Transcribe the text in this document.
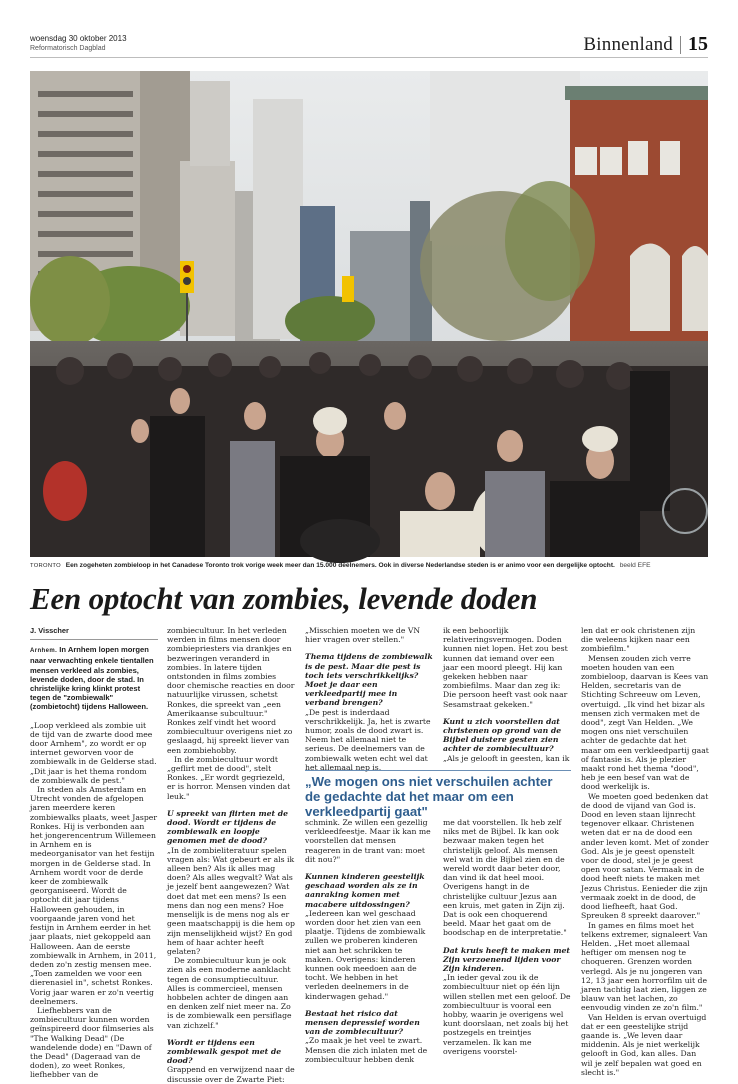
woensdag 30 oktober 2013
Reformatorisch Dagblad	Binnenland 15
TORONTO Een zogeheten zombieloop in het Canadese Toronto trok vorige week meer dan 15.000 deelnemers. Ook in diverse Nederlandse steden is er animo voor een dergelijke optocht. beeld EFE
Een optocht van zombies, levende doden
J. Visscher

Arnhem. In Arnhem lopen morgen naar verwachting enkele tientallen mensen verkleed als zombies, levende doden, door de stad. In christelijke kring klinkt protest tegen de "zombiewalk" (zombietocht) tijdens Halloween.

„Loop verkleed als zombie uit de tijd van de zwarte dood mee door Arnhem", zo wordt er op internet geworven voor de zombiewalk in de Gelderse stad. „Dit jaar is het thema rondom de zombiewalk de pest."

In steden als Amsterdam en Utrecht vonden de afgelopen jaren meerdere keren zombiewalks plaats, weet Jasper Ronkes. Hij is verbonden aan het jongerencentrum Willemeen in Arnhem en is medeorganisator van het festijn morgen in de Gelderse stad. In Arnhem wordt voor de derde keer de zombiewalk georganiseerd. Wordt de optocht dit jaar tijdens Halloween gehouden, in voorgaande jaren vond het festijn in Arnhem eerder in het jaar plaats, niet gekoppeld aan Halloween. Aan de eerste zombiewalk in Arnhem, in 2011, deden zo'n zestig mensen mee. „Toen zamelden we voor een dierenasiel in", schetst Ronkes. Vorig jaar waren er zo'n veertig deelnemers.

Liefhebbers van de zombiecultuur kunnen worden geïnspireerd door filmseries als "The Walking Dead" (De wandelende dode) en "Dawn of the Dead" (Dageraad van de doden), zo weet Ronkes, liefhebber van de

zombiecultuur. In het verleden werden in films mensen door zombiepriesters via drankjes en bezweringen veranderd in zombies. In latere tijden ontstonden in films zombies door chemische reacties en door natuurlijke virussen, schetst Ronkes, die spreekt van „een Amerikaanse subcultuur." Ronkes zelf vindt het woord zombiecultuur overigens niet zo geslaagd, hij spreekt liever van een zombiehobby.

In de zombiecultuur wordt „geflirt met de dood", stelt Ronkes. „Er wordt gegriezeld, er is horror. Mensen vinden dat leuk."

U spreekt van flirten met de dood. Wordt er tijdens de zombiewalk en loopje genomen met de dood?

„In de zombieliteratuur spelen vragen als: Wat gebeurt er als ik alleen ben? Als ik alles mag doen? Als alles wegvalt? Wat als je jezelf bent aangewezen? Wat doet dat met een mens? Is een mens dan nog een mens? Hoe menselijk is de mens nog als er geen maatschappij is die hem op zijn menselijkheid wijst? En god hem of haar achter heeft gelaten?

De zombiecultuur kun je ook zien als een moderne aanklacht tegen de consumptiecultuur. Alles is commercieel, mensen hobbelen achter de dingen aan en denken zelf niet meer na. Zo is de zombiewalk een persiflage van zichzelf."

Wordt er tijdens een zombiewalk gespot met de dood?

Grappend en verwijzend naar de discussie over de Zwarte Piet:

„Misschien moeten we de VN hier vragen over stellen."

Thema tijdens de zombiewalk is de pest. Maar die pest is toch iets verschrikkelijks? Moet je daar een verkleedpartij mee in verband brengen?

„De pest is inderdaad verschrikkelijk. Ja, het is zwarte humor, zoals de dood zwart is. Neem het allemaal niet te serieus. De deelnemers van de zombiewalk weten echt wel dat het allemaal nep is,

ik een behoorlijk relativeringsvermogen. Doden kunnen niet lopen. Het zou best kunnen dat iemand over een jaar een moord pleegt. Hij kan gekeken hebben naar zombiefilms. Maar dan zeg ik: Die persoon heeft vast ook naar Sesamstraat gekeken."

Kunt u zich voorstellen dat christenen op grond van de Bijbel duistere gesten zien achter de zombiecultuur?

„Als je gelooft in geesten, kan ik

„We mogen ons niet verschuilen achter de gedachte dat het maar om een verkleedpartij gaat"

schmink. Ze willen een gezellig verkleedfeestje. Maar ik kan me voorstellen dat mensen reageren in de trant van: moet dit nou?"

Kunnen kinderen geestelijk geschaad worden als ze in aanraking komen met macabere uitdossingen?

„Iedereen kan wel geschaad worden door het zien van een plaatje. Tijdens de zombiewalk zullen we proberen kinderen niet aan het schrikken te maken. Overigens: kinderen kunnen ook meedoen aan de tocht. We hebben in het verleden deelnemers in de kinderwagen gehad."

Bestaat het risico dat mensen depressief worden van de zombiecultuur?

„Zo maak je het veel te zwart. Mensen die zich inlaten met de zombiecultuur hebben denk

me dat voorstellen. Ik heb zelf niks met de Bijbel. Ik kan ook bezwaar maken tegen het christelijk geloof. Als mensen wel wat in die Bijbel zien en de wereld wordt daar beter door, dan vind ik dat heel mooi. Overigens hangt in de christelijke cultuur Jezus aan een kruis, met gaten in Zijn zij. Dat is ook een choquerend beeld. Maar het gaat om de boodschap en de interpretatie."

Dat kruis heeft te maken met Zijn verzoenend lijden voor Zijn kinderen.

„In ieder geval zou ik de zombiecultuur niet op één lijn willen stellen met een geloof. De zombiecultuur is vooral een hobby, waarin je overigens wel kunt doorslaan, net zoals bij het postzegels en treintjes verzamelen. Ik kan me overigens voorstel-

len dat er ook christenen zijn die weleens kijken naar een zombiefilm."

Mensen zouden zich verre moeten houden van een zombieloop, daarvan is Kees van Helden, secretaris van de Stichting Schreeuw om Leven, overtuigd. „Ik vind het bizar als mensen zich vermaken met de dood", zegt Van Helden. „We mogen ons niet verschuilen achter de gedachte dat het maar om een verkleedpartij gaat of fantasie is. Als je plezier maakt rond het thema "dood", heb je een besef van wat de dood werkelijk is.

We moeten goed bedenken dat de dood de vijand van God is. Dood en leven staan lijnrecht tegenover elkaar. Christenen weten dat er na de dood een ander leven komt. Met of zonder God. Als je je geest openstelt voor de dood, stel je je geest open voor satan. Vermaak in de dood heeft niets te maken met Jezus Christus. Eenieder die zijn vermaak zoekt in de dood, de dood liefheeft, haat God. Spreuken 8 spreekt daarover."

In games en films moet het telkens extremer, signaleert Van Helden. „Het moet allemaal heftiger om mensen nog te choqueren. Grenzen worden verlegd. Als je nu jongeren van 12, 13 jaar een horrorfilm uit de jaren tachtig laat zien, liggen ze blauw van het lachen, zo eenvoudig vinden ze zo'n film."

Van Helden is ervan overtuigd dat er een geestelijke strijd gaande is. „We leven daar middenin. Als je niet werkelijk gelooft in God, kan alles. Dan wil je zelf bepalen wat goed en slecht is."
